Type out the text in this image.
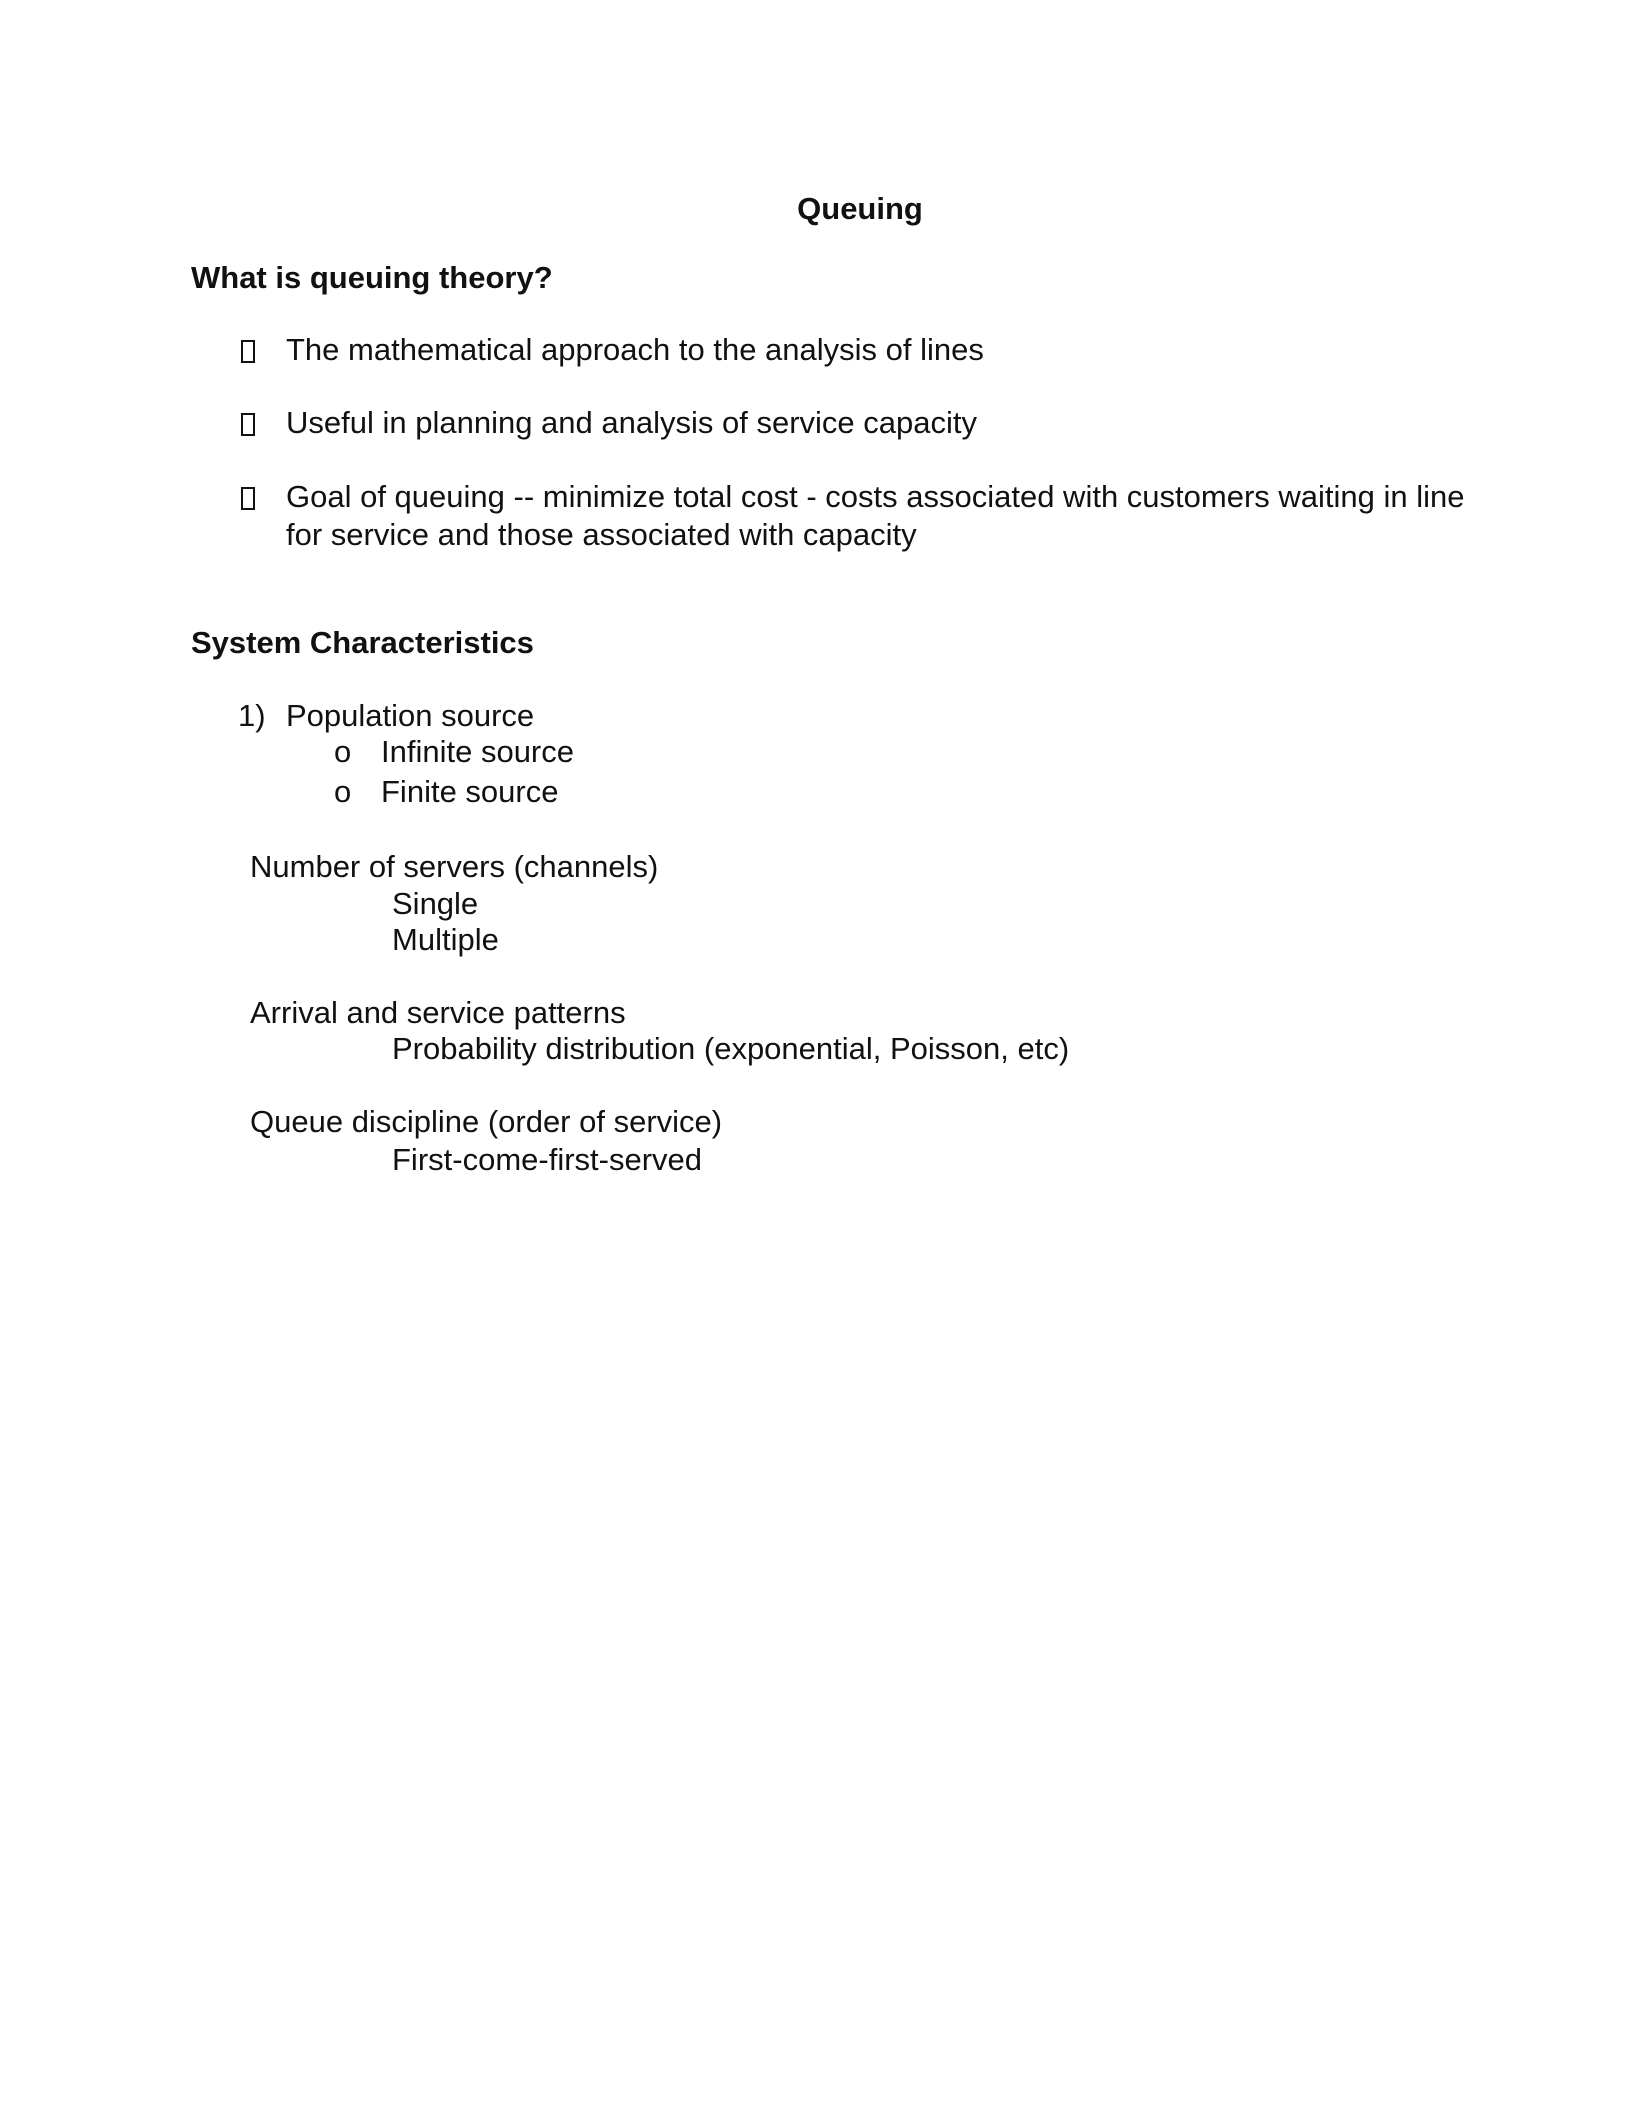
Queuing
What is queuing theory?
The mathematical approach to the analysis of lines
Useful in planning and analysis of service capacity
Goal of queuing -- minimize total cost - costs associated with customers waiting in line
for service and those associated with capacity
System Characteristics
1) Population source
o Infinite source
o Finite source
Number of servers (channels)
Single
Multiple
Arrival and service patterns
Probability distribution (exponential, Poisson, etc)
Queue discipline (order of service)
First-come-first-served
